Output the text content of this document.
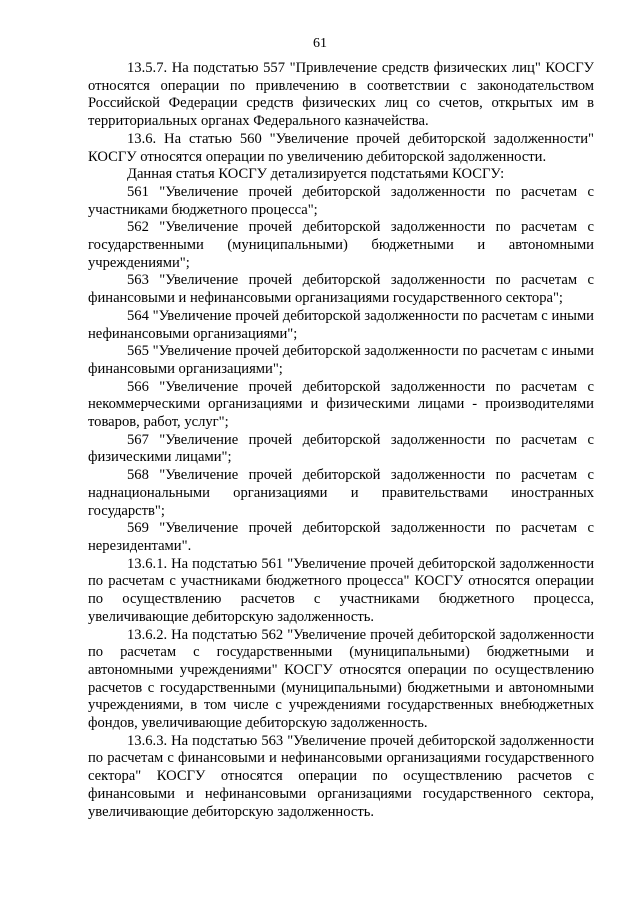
61

13.5.7. На подстатью 557 "Привлечение средств физических лиц" КОСГУ относятся операции по привлечению в соответствии с законодательством Российской Федерации средств физических лиц со счетов, открытых им в территориальных органах Федерального казначейства.

13.6. На статью 560 "Увеличение прочей дебиторской задолженности" КОСГУ относятся операции по увеличению дебиторской задолженности.

Данная статья КОСГУ детализируется подстатьями КОСГУ:

561 "Увеличение прочей дебиторской задолженности по расчетам с участниками бюджетного процесса";

562 "Увеличение прочей дебиторской задолженности по расчетам с государственными (муниципальными) бюджетными и автономными учреждениями";

563 "Увеличение прочей дебиторской задолженности по расчетам с финансовыми и нефинансовыми организациями государственного сектора";

564 "Увеличение прочей дебиторской задолженности по расчетам с иными нефинансовыми организациями";

565 "Увеличение прочей дебиторской задолженности по расчетам с иными финансовыми организациями";

566 "Увеличение прочей дебиторской задолженности по расчетам с некоммерческими организациями и физическими лицами - производителями товаров, работ, услуг";

567 "Увеличение прочей дебиторской задолженности по расчетам с физическими лицами";

568 "Увеличение прочей дебиторской задолженности по расчетам с наднациональными организациями и правительствами иностранных государств";

569 "Увеличение прочей дебиторской задолженности по расчетам с нерезидентами".

13.6.1. На подстатью 561 "Увеличение прочей дебиторской задолженности по расчетам с участниками бюджетного процесса" КОСГУ относятся операции по осуществлению расчетов с участниками бюджетного процесса, увеличивающие дебиторскую задолженность.

13.6.2. На подстатью 562 "Увеличение прочей дебиторской задолженности по расчетам с государственными (муниципальными) бюджетными и автономными учреждениями" КОСГУ относятся операции по осуществлению расчетов с государственными (муниципальными) бюджетными и автономными учреждениями, в том числе с учреждениями государственных внебюджетных фондов, увеличивающие дебиторскую задолженность.

13.6.3. На подстатью 563 "Увеличение прочей дебиторской задолженности по расчетам с финансовыми и нефинансовыми организациями государственного сектора" КОСГУ относятся операции по осуществлению расчетов с финансовыми и нефинансовыми организациями государственного сектора, увеличивающие дебиторскую задолженность.
